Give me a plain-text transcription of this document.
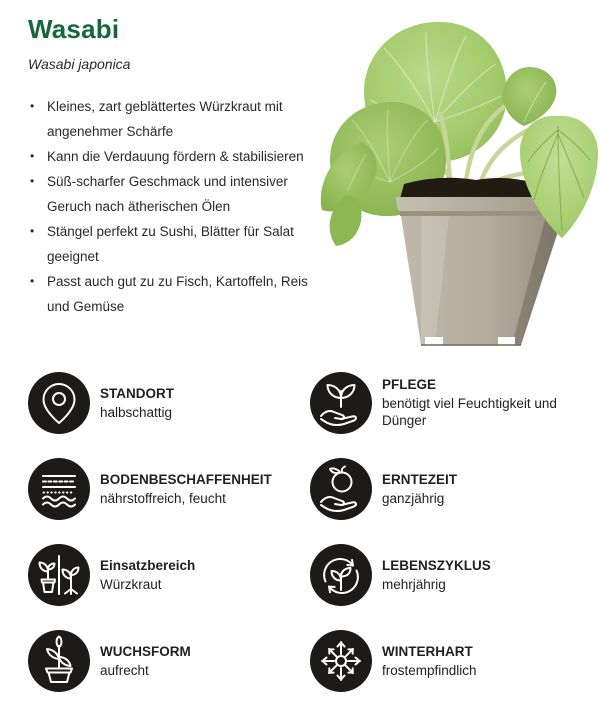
Wasabi
Wasabi japonica
• Kleines, zart geblättertes Würzkraut mit angenehmer Schärfe
• Kann die Verdauung fördern & stabilisieren
• Süß-scharfer Geschmack und intensiver Geruch nach ätherischen Ölen
• Stängel perfekt zu Sushi, Blätter für Salat geeignet
• Passt auch gut zu zu Fisch, Kartoffeln, Reis und Gemüse
STANDORT
halbschattig
PFLEGE
benötigt viel Feuchtigkeit und Dünger
BODENBESCHAFFENHEIT
nährstoffreich, feucht
ERNTEZEIT
ganzjährig
Einsatzbereich
Würzkraut
LEBENSZYKLUS
mehrjährig
WUCHSFORM
aufrecht
WINTERHART
frostempfindlich
